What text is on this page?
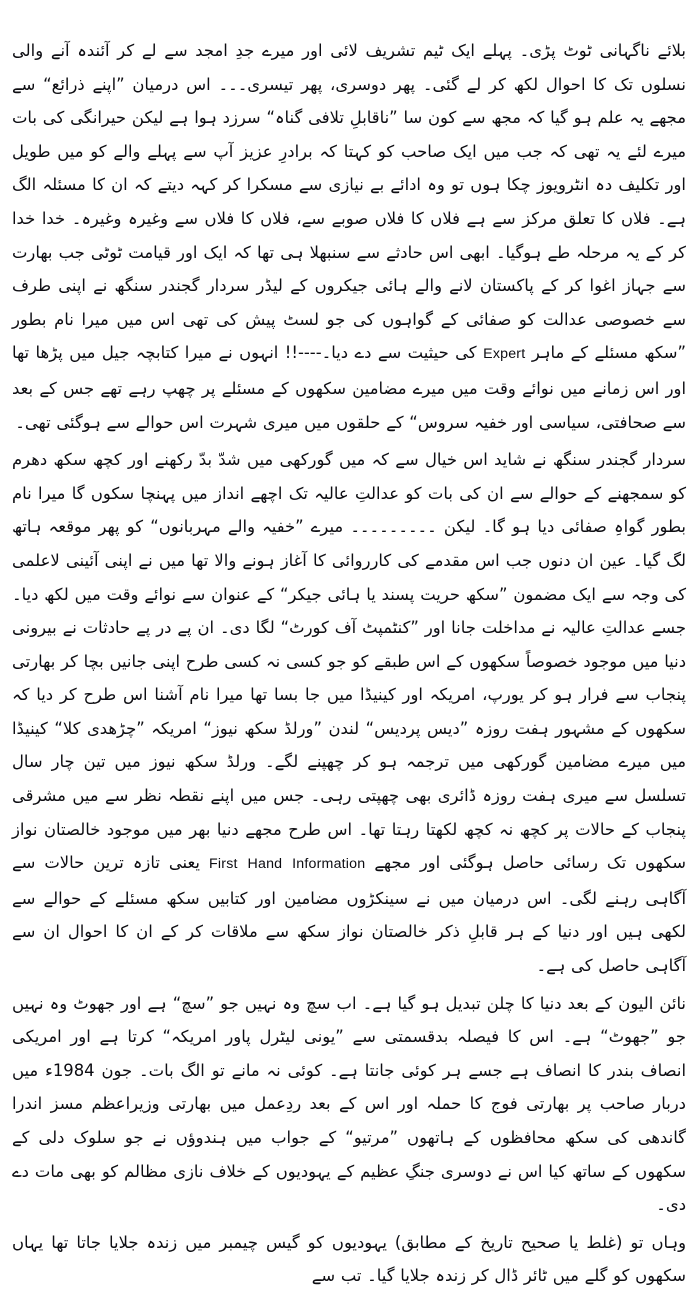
بلائے ناگہانی ٹوٹ پڑی۔ پہلے ایک ٹیم تشریف لائی اور میرے جدِ امجد سے لے کر آئندہ آنے والی نسلوں تک کا احوال لکھ کر لے گئی۔ پھر دوسری، پھر تیسری۔۔۔ اس درمیان ”اپنے ذرائع“ سے مجھے یہ علم ہو گیا کہ مجھ سے کون سا ”ناقابلِ تلافی گناہ“ سرزد ہوا ہے لیکن حیرانگی کی بات میرے لئے یہ تھی کہ جب میں ایک صاحب کو کہتا کہ برادرِ عزیز آپ سے پہلے والے کو میں طویل اور تکلیف دہ انٹرویوز چکا ہوں تو وہ ادائے بے نیازی سے مسکرا کر کہہ دیتے کہ ان کا مسئلہ الگ ہے۔ فلاں کا تعلق مرکز سے ہے فلاں کا فلاں صوبے سے، فلاں کا فلاں سے وغیرہ وغیرہ۔ خدا خدا کر کے یہ مرحلہ طے ہوگیا۔ ابھی اس حادثے سے سنبھلا ہی تھا کہ ایک اور قیامت ٹوٹی جب بھارت سے جہاز اغوا کر کے پاکستان لانے والے ہائی جیکروں کے لیڈر سردار گجندر سنگھ نے اپنی طرف سے خصوصی عدالت کو صفائی کے گواہوں کی جو لسٹ پیش کی تھی اس میں میرا نام بطور ”سکھ مسئلے کے ماہر Expert کی حیثیت سے دے دیا۔----!! انہوں نے میرا کتابچہ جیل میں پڑھا تھا اور اس زمانے میں نوائے وقت میں میرے مضامین سکھوں کے مسئلے پر چھپ رہے تھے جس کے بعد سے صحافتی، سیاسی اور خفیہ سروس“ کے حلقوں میں میری شہرت اس حوالے سے ہوگئی تھی۔

سردار گجندر سنگھ نے شاید اس خیال سے کہ میں گورکھی میں شدّ بدّ رکھنے اور کچھ سکھ دھرم کو سمجھنے کے حوالے سے ان کی بات کو عدالتِ عالیہ تک اچھے انداز میں پہنچا سکوں گا میرا نام بطور گواہِ صفائی دیا ہو گا۔ لیکن ۔۔۔۔۔۔۔۔۔ میرے ”خفیہ والے مہربانوں“ کو پھر موقعہ ہاتھ لگ گیا۔ عین ان دنوں جب اس مقدمے کی کارروائی کا آغاز ہونے والا تھا میں نے اپنی آئینی لاعلمی کی وجہ سے ایک مضمون ”سکھ حریت پسند یا ہائی جیکر“ کے عنوان سے نوائے وقت میں لکھ دیا۔ جسے عدالتِ عالیہ نے مداخلت جانا اور ”کنٹمپٹ آف کورٹ“ لگا دی۔ ان پے در پے حادثات نے بیرونی دنیا میں موجود خصوصاً سکھوں کے اس طبقے کو جو کسی نہ کسی طرح اپنی جانیں بچا کر بھارتی پنجاب سے فرار ہو کر یورپ، امریکہ اور کینیڈا میں جا بسا تھا میرا نام آشنا اس طرح کر دیا کہ سکھوں کے مشہور ہفت روزہ ”دیس پردیس“ لندن ”ورلڈ سکھ نیوز“ امریکہ ”چڑھدی کلا“ کینیڈا میں میرے مضامین گورکھی میں ترجمہ ہو کر چھپنے لگے۔ ورلڈ سکھ نیوز میں تین چار سال تسلسل سے میری ہفت روزہ ڈائری بھی چھپتی رہی۔ جس میں اپنے نقطہ نظر سے میں مشرقی پنجاب کے حالات پر کچھ نہ کچھ لکھتا رہتا تھا۔ اس طرح مجھے دنیا بھر میں موجود خالصتان نواز سکھوں تک رسائی حاصل ہوگئی اور مجھے First Hand Information یعنی تازہ ترین حالات سے آگاہی رہنے لگی۔ اس درمیان میں نے سینکڑوں مضامین اور کتابیں سکھ مسئلے کے حوالے سے لکھی ہیں اور دنیا کے ہر قابلِ ذکر خالصتان نواز سکھ سے ملاقات کر کے ان کا احوال ان سے آگاہی حاصل کی ہے۔

نائن الیون کے بعد دنیا کا چلن تبدیل ہو گیا ہے۔ اب سچ وہ نہیں جو ”سچ“ ہے اور جھوٹ وہ نہیں جو ”جھوٹ“ ہے۔ اس کا فیصلہ بدقسمتی سے ”یونی لیٹرل پاور امریکہ“ کرتا ہے اور امریکی انصاف بندر کا انصاف ہے جسے ہر کوئی جانتا ہے۔ کوئی نہ مانے تو الگ بات۔ جون 1984ء میں دربار صاحب پر بھارتی فوج کا حملہ اور اس کے بعد ردِعمل میں بھارتی وزیراعظم مسز اندرا گاندھی کی سکھ محافظوں کے ہاتھوں ”مرتیو“ کے جواب میں ہندوؤں نے جو سلوک دلی کے سکھوں کے ساتھ کیا اس نے دوسری جنگِ عظیم کے یہودیوں کے خلاف نازی مظالم کو بھی مات دے دی۔

وہاں تو (غلط یا صحیح تاریخ کے مطابق) یہودیوں کو گیس چیمبر میں زندہ جلایا جاتا تھا یہاں سکھوں کو گلے میں ٹائر ڈال کر زندہ جلایا گیا۔ تب سے
